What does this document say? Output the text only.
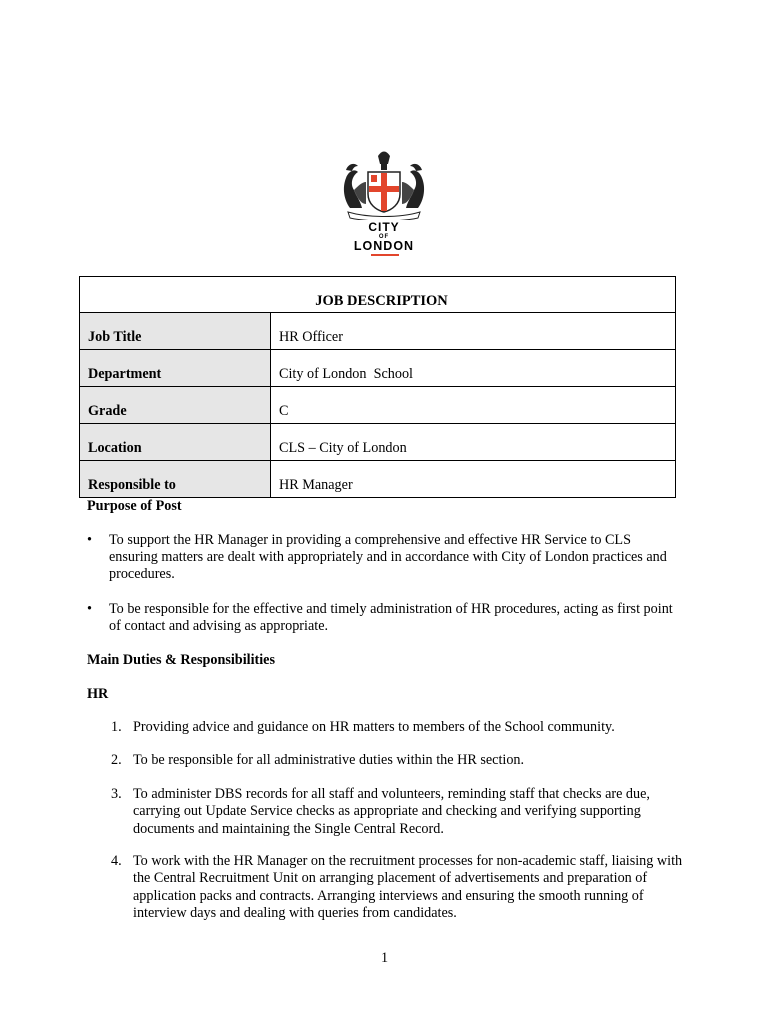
CITY
OF
LONDON
JOB DESCRIPTION	
Job Title	HR Officer
Department	City of London  School
Grade	C
Location	CLS – City of London
Responsible to	HR Manager
Purpose of Post
• To support the HR Manager in providing a comprehensive and effective HR Service to CLS ensuring matters are dealt with appropriately and in accordance with City of London practices and procedures.
• To be responsible for the effective and timely administration of HR procedures, acting as first point of contact and advising as appropriate.
Main Duties & Responsibilities
HR
1. Providing advice and guidance on HR matters to members of the School community.
2. To be responsible for all administrative duties within the HR section.
3. To administer DBS records for all staff and volunteers, reminding staff that checks are due, carrying out Update Service checks as appropriate and checking and verifying supporting documents and maintaining the Single Central Record.
4. To work with the HR Manager on the recruitment processes for non-academic staff, liaising with the Central Recruitment Unit on arranging placement of advertisements and preparation of application packs and contracts. Arranging interviews and ensuring the smooth running of interview days and dealing with queries from candidates.
1
